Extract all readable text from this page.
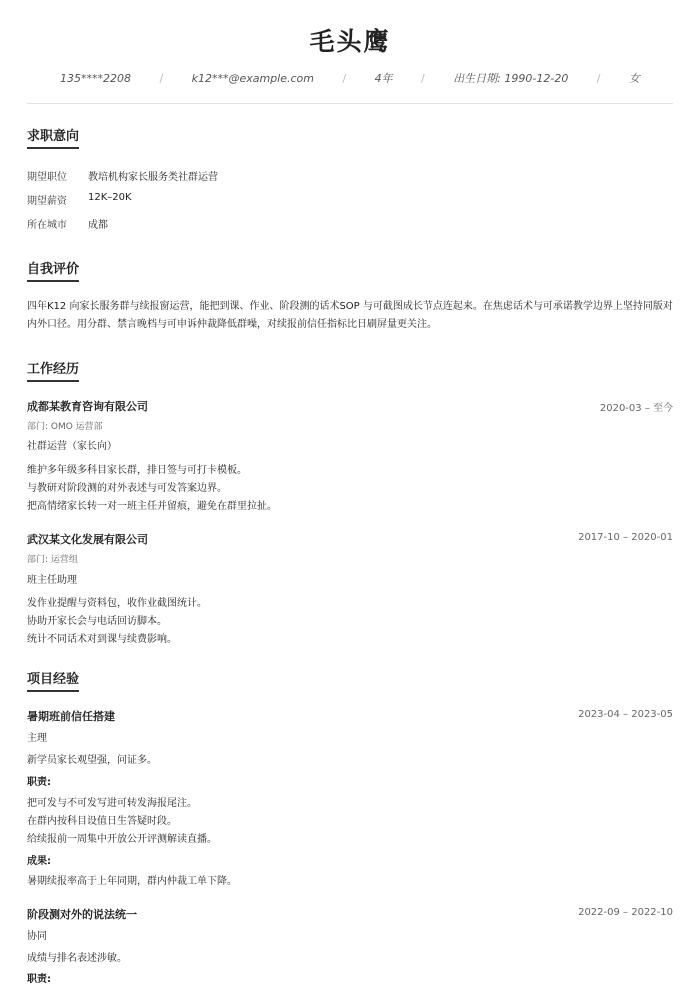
毛头鹰
135****2208	/	k12***@example.com	/	4年	/	出生日期: 1990-12-20	/	女
求职意向
期望职位 教培机构家长服务类社群运营
期望薪资 12K–20K
所在城市 成都
自我评价
四年K12 向家长服务群与续报窗运营，能把到课、作业、阶段测的话术SOP 与可截图成长节点连起来。在焦虑话术与可承诺教学边界上坚持同版对内外口径。用分群、禁言晚档与可申诉仲裁降低群噪，对续报前信任指标比日刷屏量更关注。
工作经历
成都某教育咨询有限公司	2020-03 – 至今
部门: OMO 运营部
社群运营（家长向）
维护多年级多科目家长群，排日签与可打卡模板。
与教研对阶段测的对外表述与可发答案边界。
把高情绪家长转一对一班主任并留痕，避免在群里拉扯。
武汉某文化发展有限公司	2017-10 – 2020-01
部门: 运营组
班主任助理
发作业提醒与资料包，收作业截图统计。
协助开家长会与电话回访脚本。
统计不同话术对到课与续费影响。
项目经验
暑期班前信任搭建	2023-04 – 2023-05
主理
新学员家长观望强，问证多。
职责:
把可发与不可发写进可转发海报尾注。
在群内按科目设值日生答疑时段。
给续报前一周集中开放公开评测解读直播。
成果:
暑期续报率高于上年同期，群内仲裁工单下降。
阶段测对外的说法统一	2022-09 – 2022-10
协同
成绩与排名表述涉敏。
职责:
